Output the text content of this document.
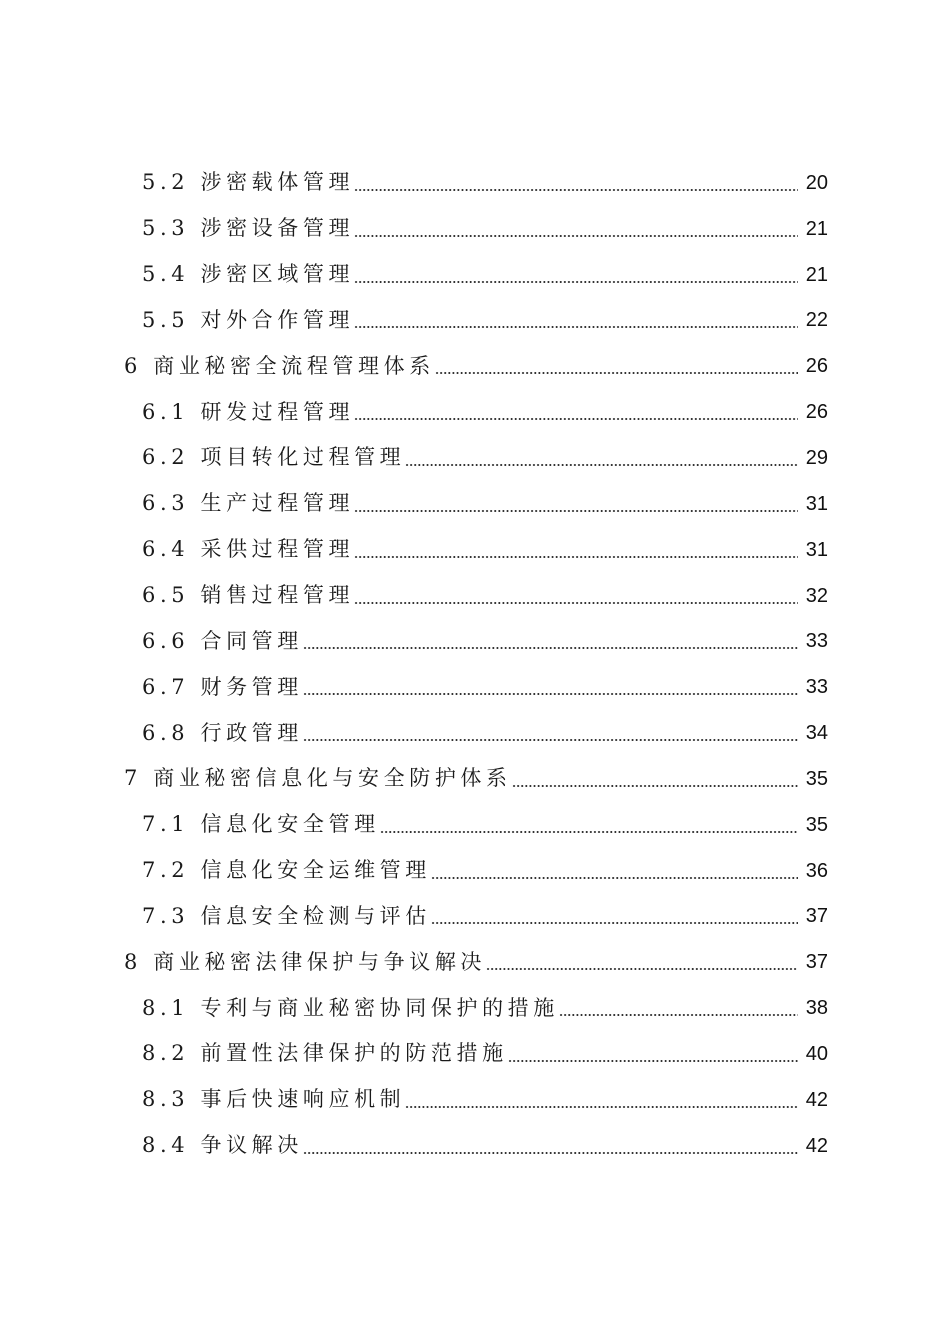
5.2 涉密载体管理	20
5.3 涉密设备管理	21
5.4 涉密区域管理	21
5.5 对外合作管理	22
6 商业秘密全流程管理体系	26
6.1 研发过程管理	26
6.2 项目转化过程管理	29
6.3 生产过程管理	31
6.4 采供过程管理	31
6.5 销售过程管理	32
6.6 合同管理	33
6.7 财务管理	33
6.8 行政管理	34
7 商业秘密信息化与安全防护体系	35
7.1 信息化安全管理	35
7.2 信息化安全运维管理	36
7.3 信息安全检测与评估	37
8 商业秘密法律保护与争议解决	37
8.1 专利与商业秘密协同保护的措施	38
8.2 前置性法律保护的防范措施	40
8.3 事后快速响应机制	42
8.4 争议解决	42
